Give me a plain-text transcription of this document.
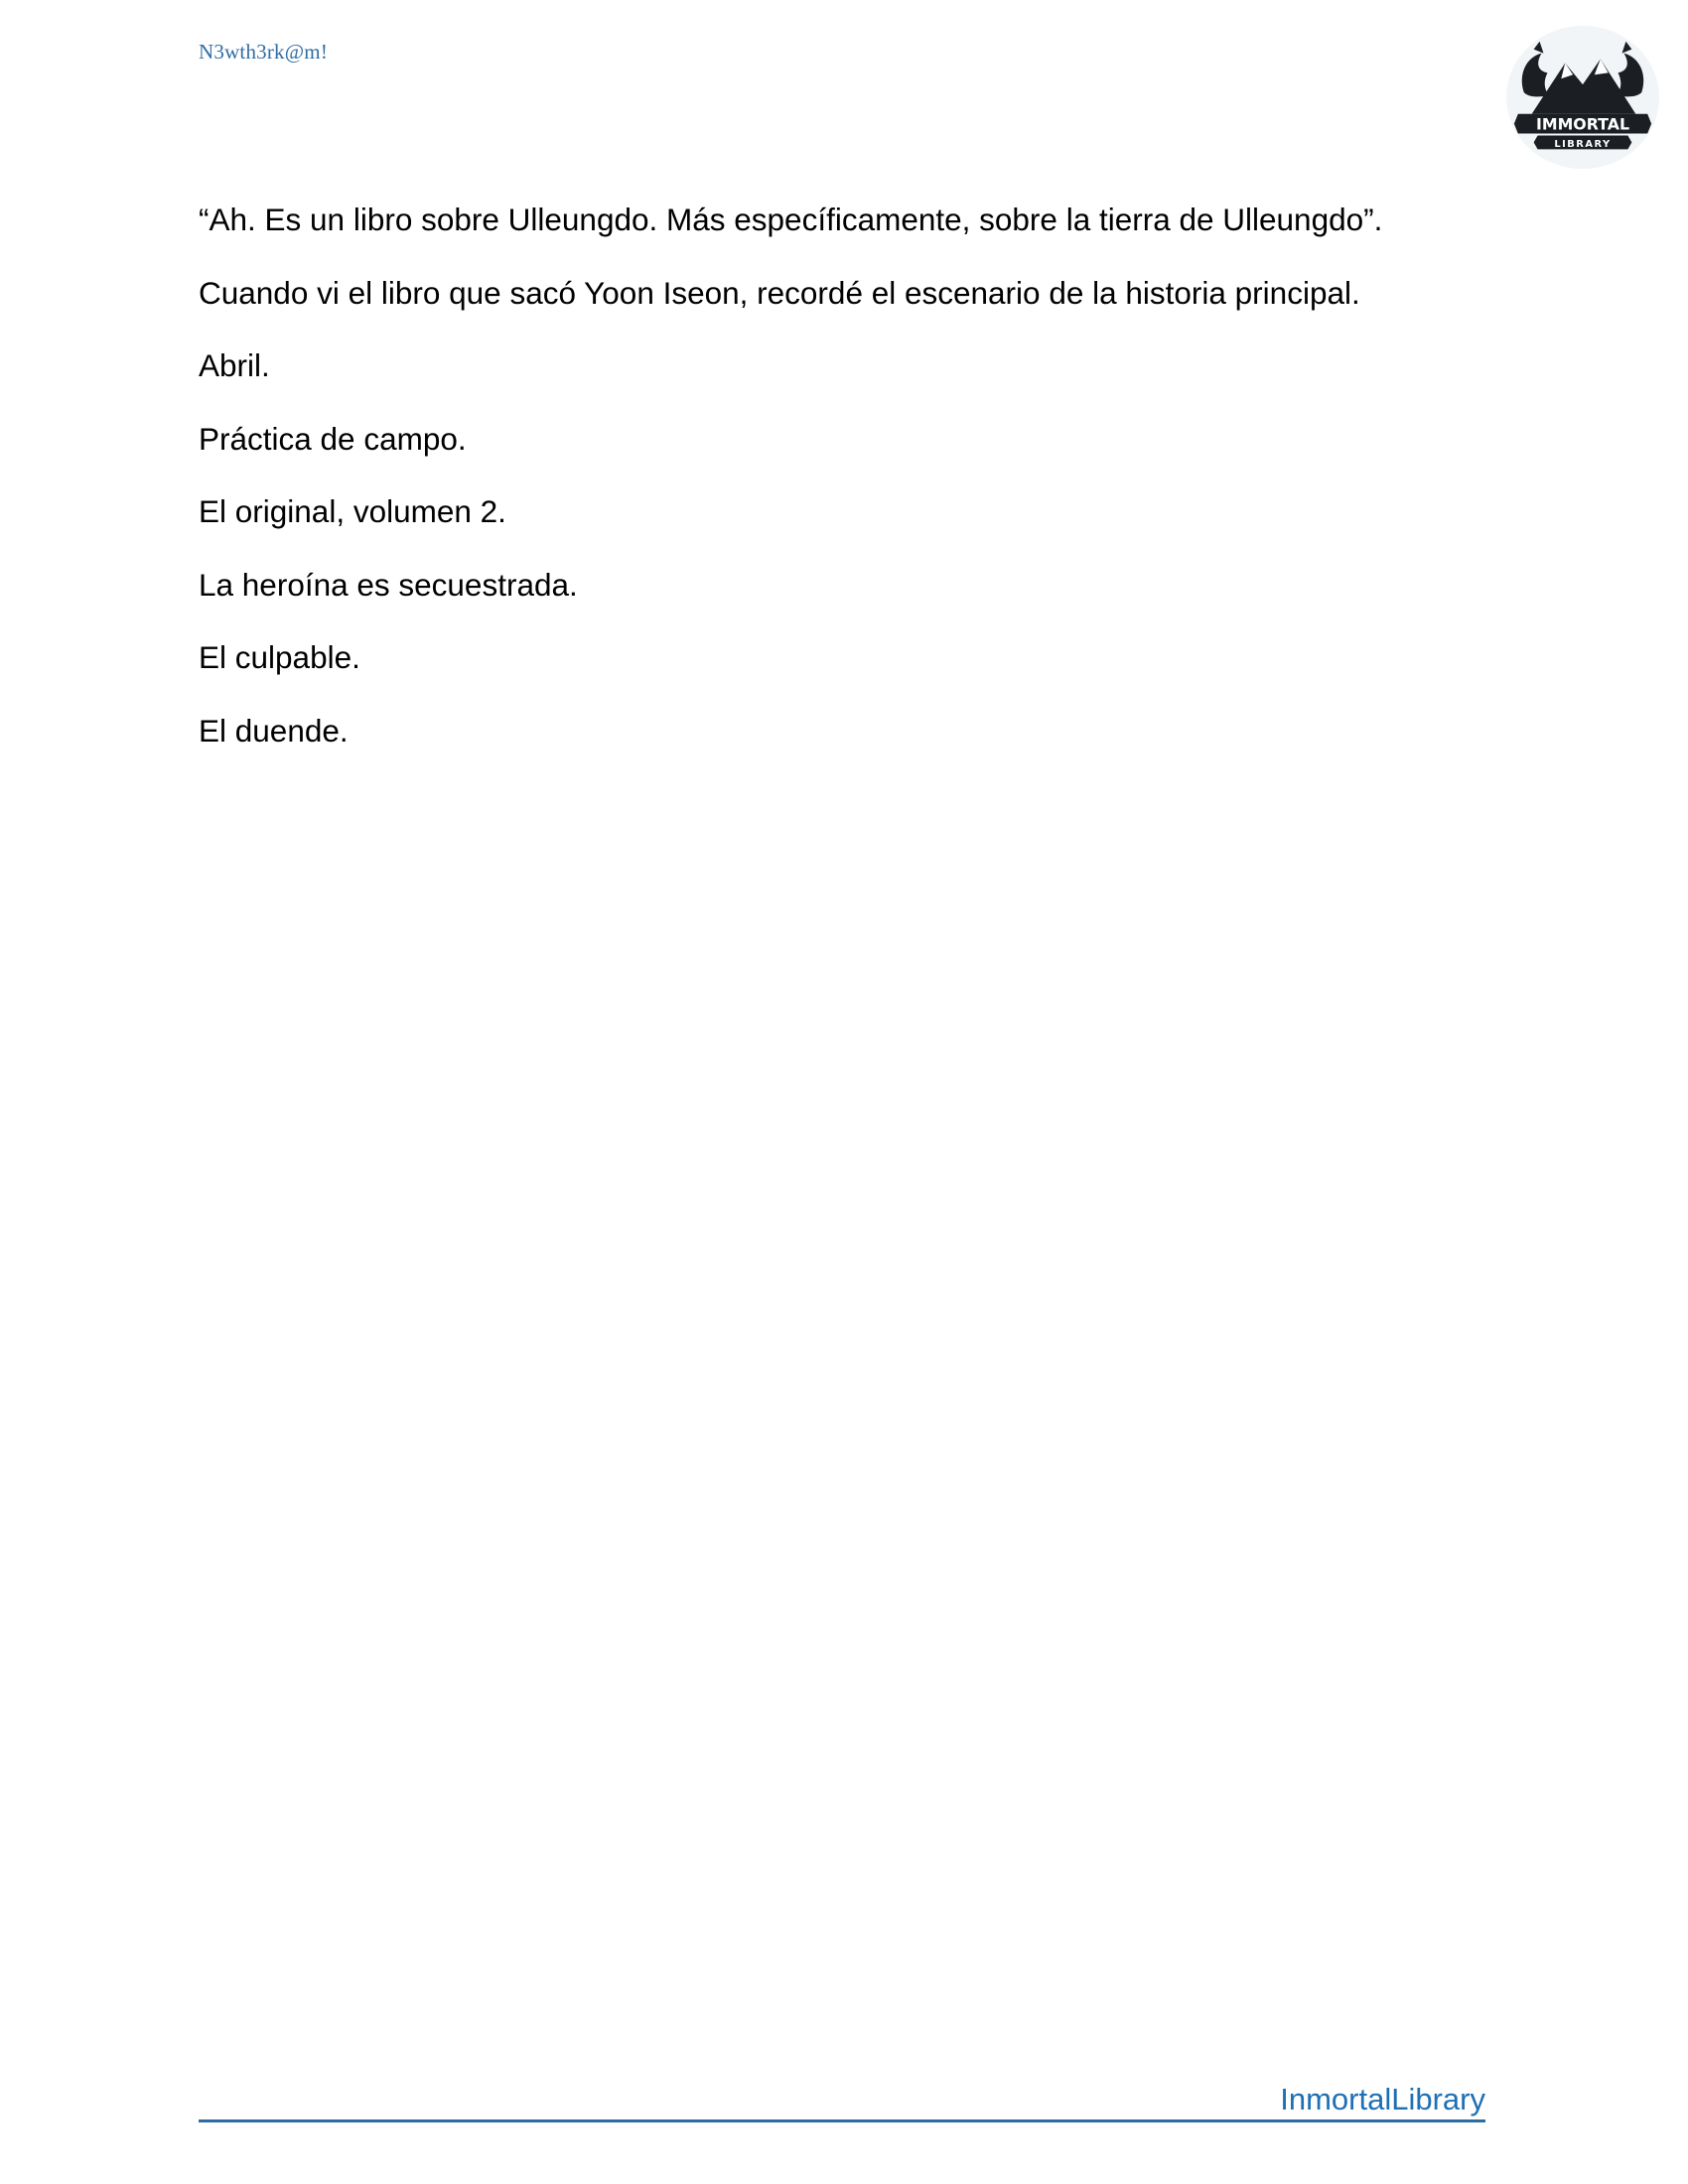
N3wth3rk@m!
IMMORTAL
LIBRARY

“Ah. Es un libro sobre Ulleungdo. Más específicamente, sobre la tierra de Ulleungdo”.

Cuando vi el libro que sacó Yoon Iseon, recordé el escenario de la historia principal.

Abril.

Práctica de campo.

El original, volumen 2.

La heroína es secuestrada.

El culpable.

El duende.

InmortalLibrary
